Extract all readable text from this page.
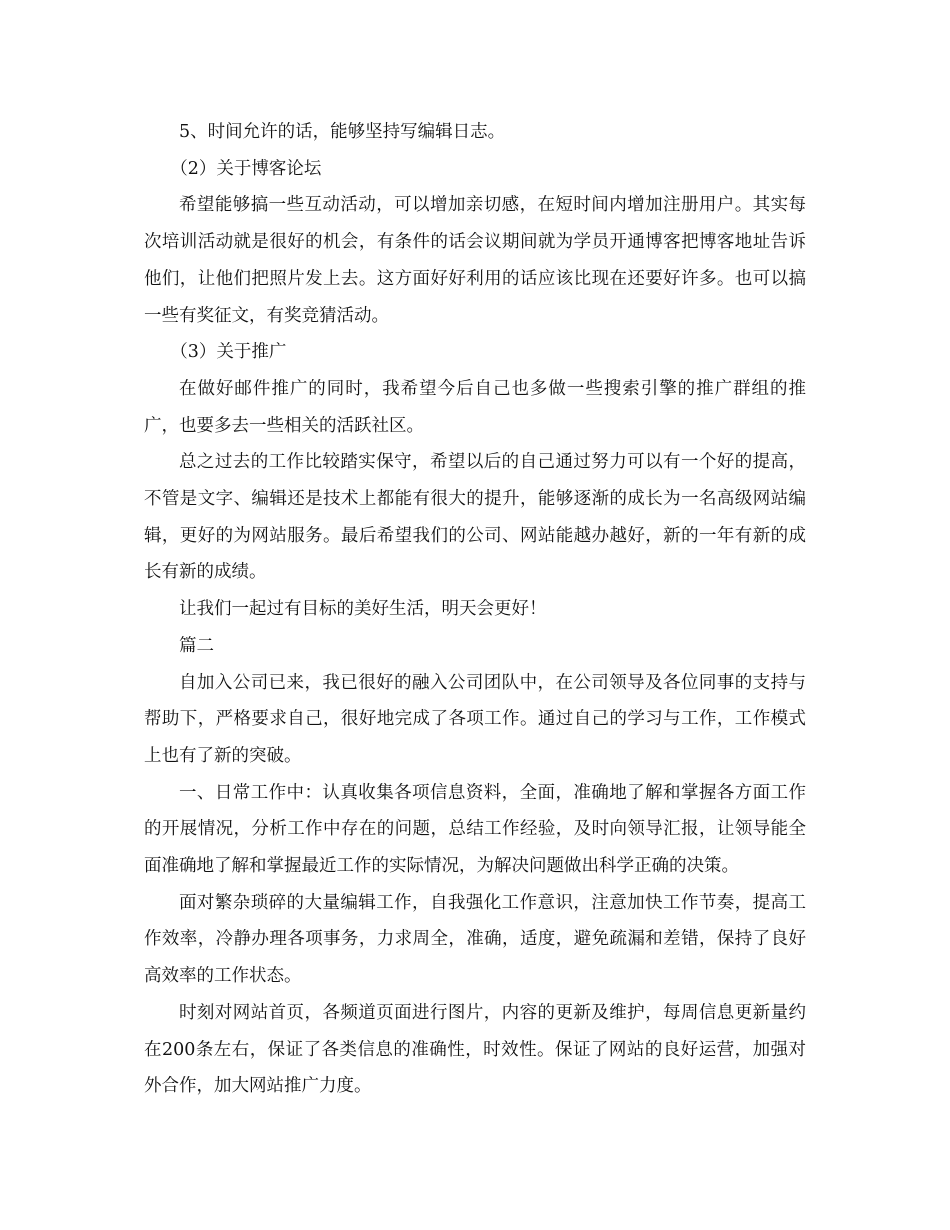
5、时间允许的话，能够坚持写编辑日志。

（2）关于博客论坛

希望能够搞一些互动活动，可以增加亲切感，在短时间内增加注册用户。其实每次培训活动就是很好的机会，有条件的话会议期间就为学员开通博客把博客地址告诉他们，让他们把照片发上去。这方面好好利用的话应该比现在还要好许多。也可以搞一些有奖征文，有奖竞猜活动。

（3）关于推广

在做好邮件推广的同时，我希望今后自己也多做一些搜索引擎的推广群组的推广，也要多去一些相关的活跃社区。

总之过去的工作比较踏实保守，希望以后的自己通过努力可以有一个好的提高，不管是文字、编辑还是技术上都能有很大的提升，能够逐渐的成长为一名高级网站编辑，更好的为网站服务。最后希望我们的公司、网站能越办越好，新的一年有新的成长有新的成绩。

让我们一起过有目标的美好生活，明天会更好！

篇二

自加入公司已来，我已很好的融入公司团队中，在公司领导及各位同事的支持与帮助下，严格要求自己，很好地完成了各项工作。通过自己的学习与工作，工作模式上也有了新的突破。

一、日常工作中：认真收集各项信息资料，全面，准确地了解和掌握各方面工作的开展情况，分析工作中存在的问题，总结工作经验，及时向领导汇报，让领导能全面准确地了解和掌握最近工作的实际情况，为解决问题做出科学正确的决策。

面对繁杂琐碎的大量编辑工作，自我强化工作意识，注意加快工作节奏，提高工作效率，冷静办理各项事务，力求周全，准确，适度，避免疏漏和差错，保持了良好高效率的工作状态。

时刻对网站首页，各频道页面进行图片，内容的更新及维护，每周信息更新量约在200条左右，保证了各类信息的准确性，时效性。保证了网站的良好运营，加强对外合作，加大网站推广力度。
